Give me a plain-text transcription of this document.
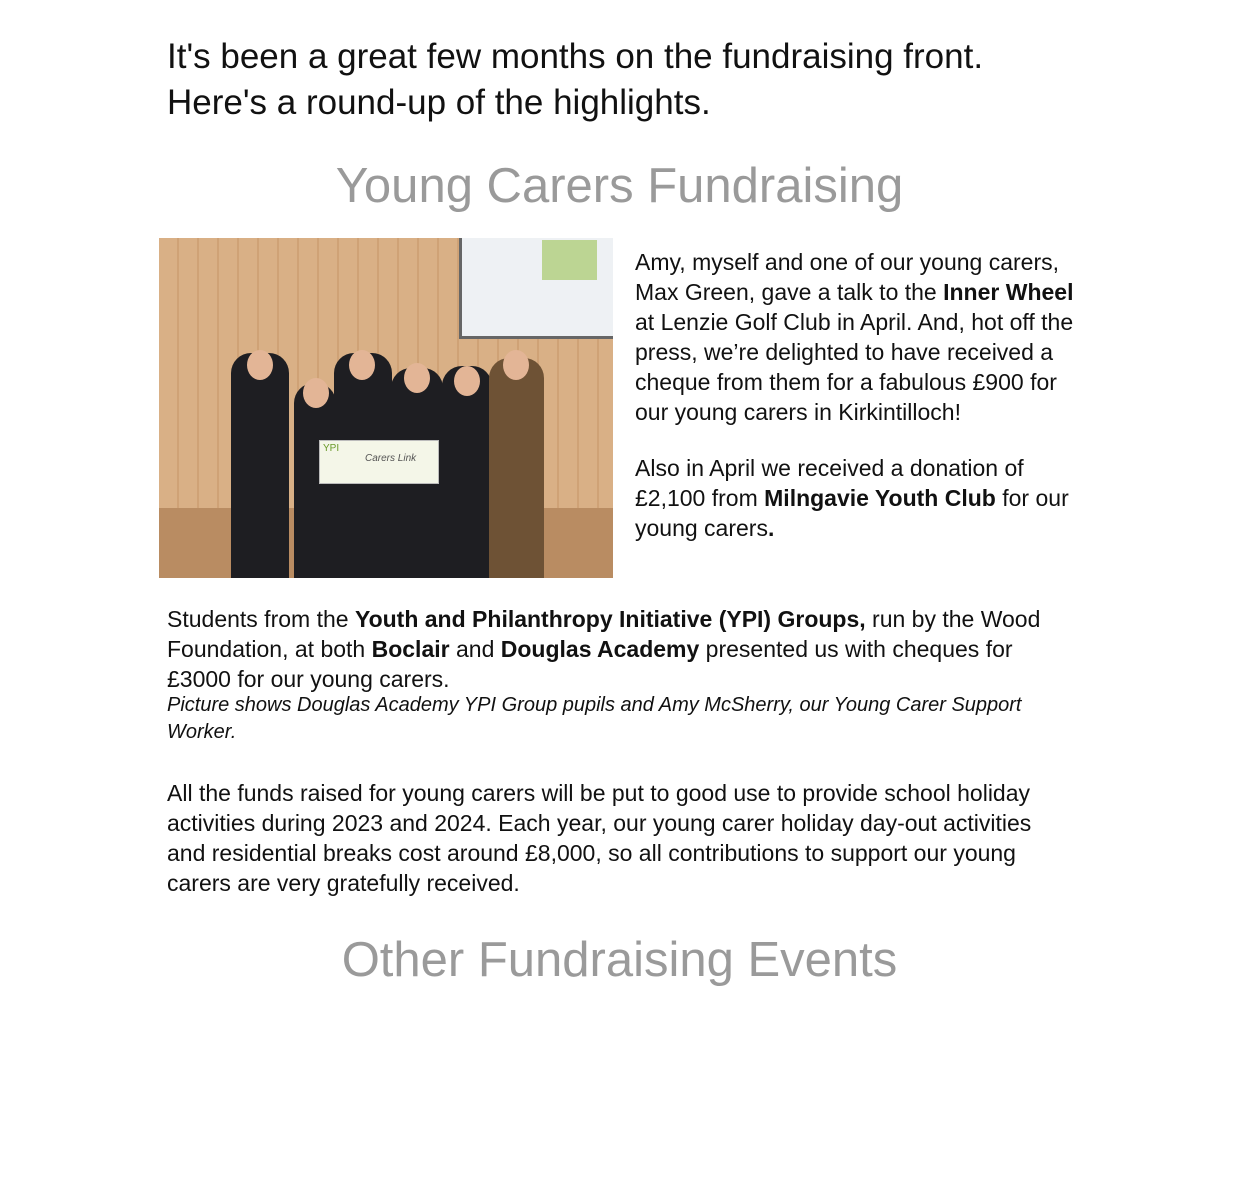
It's been a great few months on the fundraising front.
Here's a round-up of the highlights.

Young Carers Fundraising
YPI
Carers Link

Amy, myself and one of our young carers, Max Green, gave a talk to the Inner Wheel at Lenzie Golf Club in April. And, hot off the press, we’re delighted to have received a cheque from them for a fabulous £900 for our young carers in Kirkintilloch!

Also in April we received a donation of £2,100 from Milngavie Youth Club for our young carers.

Students from the Youth and Philanthropy Initiative (YPI) Groups, run by the Wood Foundation, at both Boclair and Douglas Academy presented us with cheques for £3000 for our young carers.

Picture shows Douglas Academy YPI Group pupils and Amy McSherry, our Young Carer Support Worker.

All the funds raised for young carers will be put to good use to provide school holiday activities during 2023 and 2024. Each year, our young carer holiday day-out activities and residential breaks cost around £8,000, so all contributions to support our young carers are very gratefully received.

Other Fundraising Events
